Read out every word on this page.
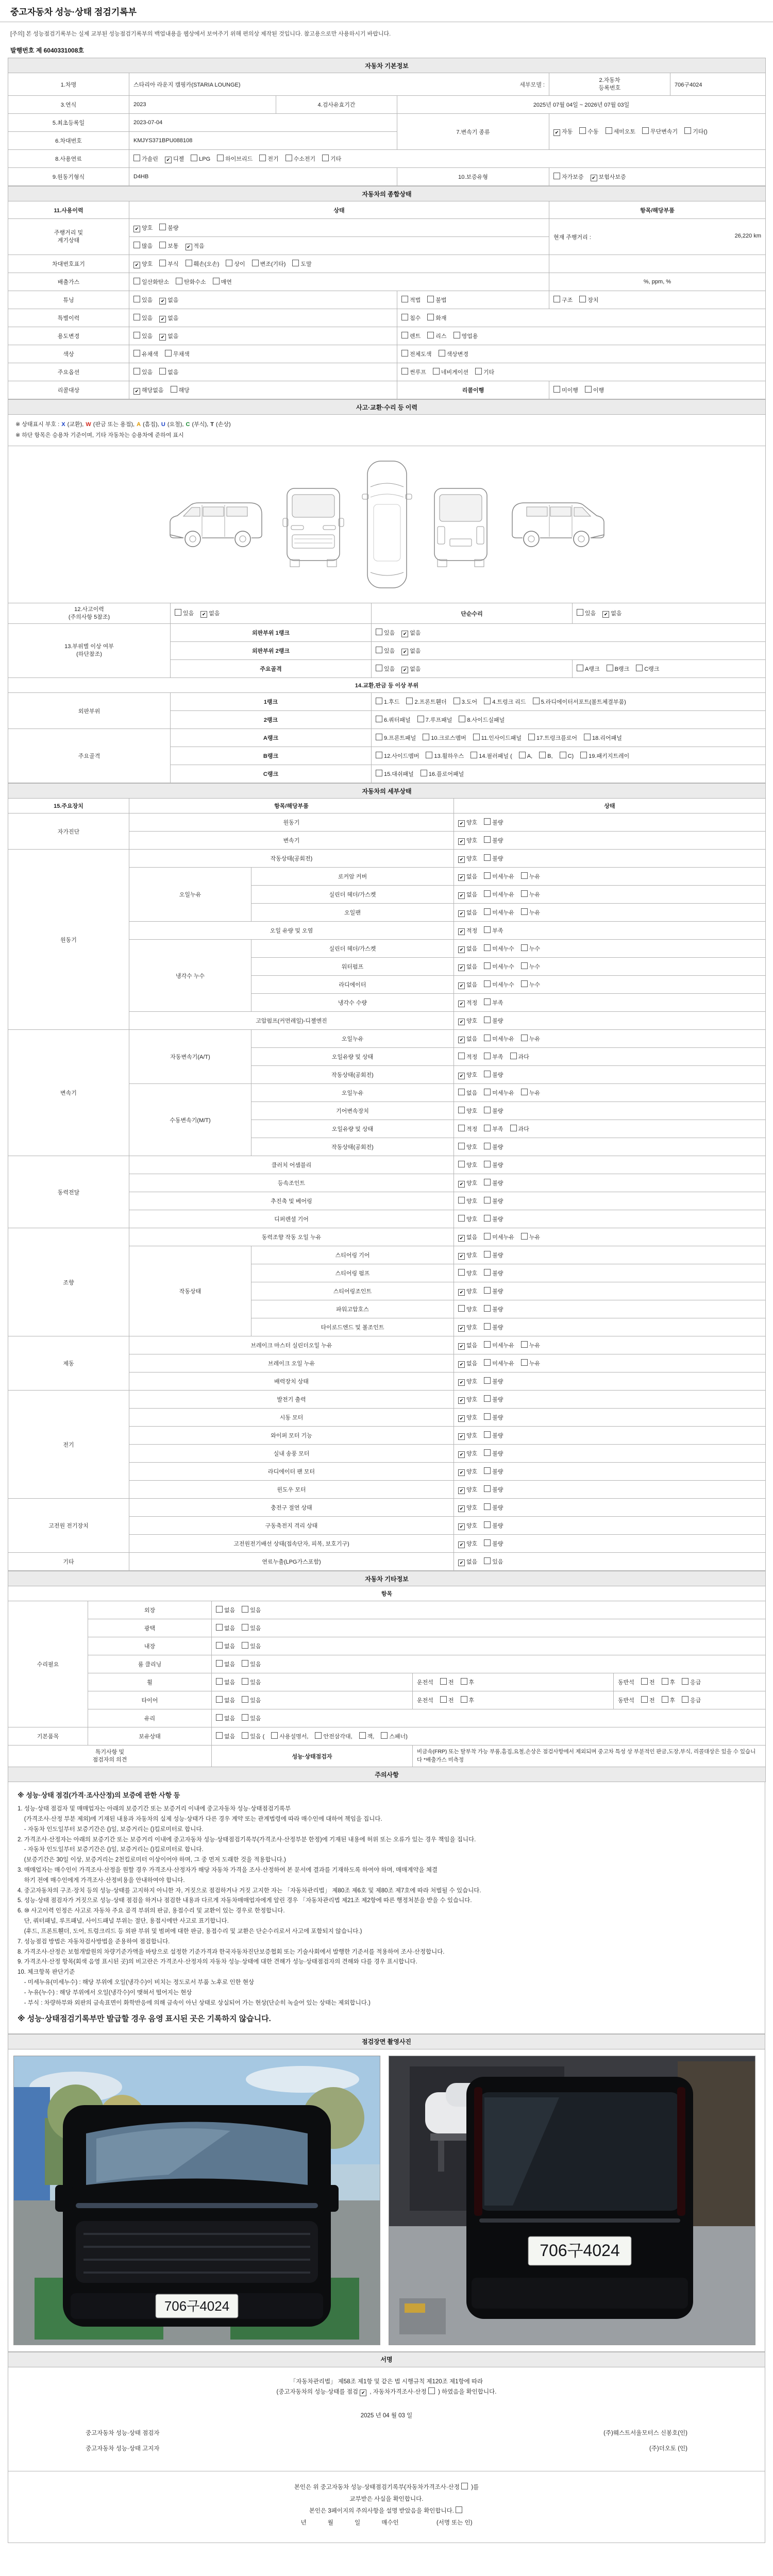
중고자동차 성능·상태 점검기록부
[주의] 본 성능점검기록부는 실제 교부된 성능점검기록부의 백업내용을 웹상에서 보여주기 위해 편의상 제작된 것입니다. 참고용으로만 사용하시기 바랍니다.
발행번호 제 6040331008호
자동차 기본정보					
1.차명	스타리아 라운지 캠핑카(STARIA LOUNGE)	세부모델 :

2.자동차
등록번호	706구4024
3.연식	2023	4.검사유효기간	2025년 07월 04일 ~ 2026년 07월 03일		
5.최초등록일	2023-07-04		7.변속기 종류	✔ 자동 수동 세미오토 무단변속기 기타()	
6.차대번호	KMJYS371BPU088108				
8.사용연료	가솔린 ✔ 디젤 LPG 하이브리드 전기 수소전기 기타				
9.원동기형식	D4HB		10.보증유형	자가보증 ✔ 보험사보증	
자동차의 종합상태			
11.사용이력	상태		항목/해당부품

주행거리 및
계기상태
	✔ 양호	불량	
현재 주행거리 :	26,220 km

	많음 보통 ✔ 적음		
차대번호표기	✔ 양호 부식 훼손(오손) 상이 변조(기타) 도말		
배출가스	일산화탄소 탄화수소 매연		%, ppm, %
튜닝	있음 ✔ 없음	적법 불법	구조 장치
특별이력	있음 ✔ 없음	침수 화재	
용도변경	있음 ✔ 없음	렌트 리스 영업용	
색상	유채색 무채색	전체도색 색상변경	
주요옵션	있음 없음	썬루프 네비게이션 기타	
리콜대상	✔ 해당없음 해당	리콜이행	미이행 이행
사고·교환·수리 등 이력			

※ 상태표시 부호 : X (교환), W (판금 또는 용접), A (흠집), U (요철), C (부식), T (손상)
※ 하단 항목은 승용차 기준이며, 기타 자동차는 승용차에 준하여 표시			

12.사고이력
(주의사항 5참조)	있음 ✔ 없음	단순수리	있음 ✔ 없음

13.부위별 이상 여부
(하단참조)	외판부위 1랭크	있음 ✔ 없음	
	외판부위 2랭크	있음 ✔ 없음	
	주요골격	있음 ✔ 없음	A랭크 B랭크 C랭크
14.교환,판금 등 이상 부위			
외판부위	1랭크	1.후드 2.프론트휀더 3.도어 4.트렁크 리드 5.라디에이터서포트(볼트체결부품)	
	2랭크	6.쿼터패널 7.루프패널 8.사이드실패널	
주요골격	A랭크	9.프론트패널 10.크로스멤버 11.인사이드패널 17.트렁크플로어 18.리어패널	
	B랭크	12.사이드멤버 13.휠하우스 14.필러패널 ( A, B, C) 19.패키지트레이	
	C랭크	15.대쉬패널 16.플로어패널	
자동차의 세부상태			
15.주요장치	항목/해당부품		상태
자가진단	원동기		✔ 양호 불량
	변속기		✔ 양호 불량
원동기	작동상태(공회전)		✔ 양호 불량
	오일누유	로커암 커버	✔ 없음 미세누유 누유
		실린더 헤더/가스켓	✔ 없음 미세누유 누유
		오일팬	✔ 없음 미세누유 누유
	오일 유량 및 오염		✔ 적정 부족
	냉각수 누수	실린더 헤더/가스켓	✔ 없음 미세누수 누수
		워터펌프	✔ 없음 미세누수 누수
		라디에이터	✔ 없음 미세누수 누수
		냉각수 수량	✔ 적정 부족
	고압펌프(커먼레일)-디젤엔진		✔ 양호 불량
변속기	자동변속기(A/T)	오일누유	✔ 없음 미세누유 누유
		오일유량 및 상태	적정 부족 과다
		작동상태(공회전)	✔ 양호 불량
	수동변속기(M/T)	오일누유	없음 미세누유 누유
		기어변속장치	양호 불량
		오일유량 및 상태	적정 부족 과다
		작동상태(공회전)	양호 불량
동력전달	클러치 어셈블리		양호 불량
	등속조인트		✔ 양호 불량
	추진축 및 베어링		양호 불량
	디퍼렌셜 기어		양호 불량
조향	동력조향 작동 오일 누유		✔ 없음 미세누유 누유
	작동상태	스티어링 기어	✔ 양호 불량
		스티어링 펌프	양호 불량
		스티어링조인트	✔ 양호 불량
		파워고압호스	양호 불량
		타이로드엔드 및 볼조인트	✔ 양호 불량
제동	브레이크 마스터 실린더오일 누유		✔ 없음 미세누유 누유
	브레이크 오일 누유		✔ 없음 미세누유 누유
	배력장치 상태		✔ 양호 불량
전기	발전기 출력		✔ 양호 불량
	시동 모터		✔ 양호 불량
	와이퍼 모터 기능		✔ 양호 불량
	실내 송풍 모터		✔ 양호 불량
	라디에이터 팬 모터		✔ 양호 불량
	윈도우 모터		✔ 양호 불량
고전원 전기장치	충전구 절연 상태		✔ 양호 불량
	구동축전지 격리 상태		✔ 양호 불량
	고전원전기배선 상태(접속단자, 피복, 보호기구)		✔ 양호 불량
기타	연료누출(LPG가스포함)		✔ 없음 있음
자동차 기타정보				
항목				
수리필요	외장	없음 있음		
	광택	없음 있음		
	내장	없음 있음		
	룸 클리닝	없음 있음		
	휠	없음 있음	운전석 전 후	동반석 전 후 응급
	타이어	없음 있음	운전석 전 후	동반석 전 후 응급
	유리	없음 있음		
기본품목	보유상태	없음 있음 ( 사용설명서, 안전삼각대, 잭, 스패너)		

특기사항 및
점검자의 의견	성능·상태점검자	
비금속(FRP) 또는 탈부착 가능 부품,흠집,요철,손상은 점검사항에서 제외되며 중고차 특성 상 부분적인 판금,도장,부식, 리콜대상은 있을 수 있습니
다 *배출가스 미측정

주의사항				
※ 성능·상태 점검(가격·조사산정)의 보증에 관한 사항 등
1. 성능·상태 점검자 및 매매업자는 아래의 보증기간 또는 보증거리 이내에 중고자동차 성능·상태점검기록부
(가격조사·산정 부분 제외)에 기재된 내용과 자동차의 실제 성능·상태가 다른 경우 계약 또는 관계법령에 따라 매수인에 대하여 책임을 집니다.
- 자동차 인도일부터 보증기간은 ()일, 보증거리는 ()킬로미터로 합니다.
2. 가격조사·산정자는 아래의 보증기간 또는 보증거리 이내에 중고자동차 성능·상태점검기록부(가격조사·산정부분 한정)에 기재된 내용에 허위 또는 오류가 있는 경우 책임을 집니다.
- 자동차 인도일부터 보증기간은 ()일, 보증거리는 ()킬로미터로 합니다.
(보증기간은 30일 이상, 보증거리는 2천킬로미터 이상이어야 하며, 그 중 먼저 도래한 것을 적용합니다.)
3. 매매업자는 매수인이 가격조사·산정을 원할 경우 가격조사·산정자가 해당 자동차 가격을 조사·산정하여 본 문서에 결과를 기재하도록 하여야 하며, 매매계약을 체결
하기 전에 매수인에게 가격조사·산정비용을 안내하여야 합니다.
4. 중고자동차의 구조·장치 등의 성능·상태를 고지하지 아니한 자, 거짓으로 점검하거나 거짓 고지한 자는 「자동차관리법」 제80조 제6호 및 제80조 제7호에 따라 처벌될 수 있습니다.
5. 성능·상태 점검자가 거짓으로 성능·상태 점검을 하거나 점검한 내용과 다르게 자동차매매업자에게 알린 경우 「자동차관리법 제21조 제2항에 따른 행정처분을 받을 수 있습니다.
6. ⑩ 사고이력 인정은 사고로 자동차 주요 골격 부위의 판금, 용접수리 및 교환이 있는 경우로 한정합니다.
단, 쿼터패널, 루프패널, 사이드패널 부위는 절단, 용접시에만 사고로 표기합니다.
(후드, 프론트휀더, 도어, 트렁크리드 등 외판 부위 및 범퍼에 대한 판금, 용접수리 및 교환은 단순수리로서 사고에 포함되지 않습니다.)
7. 성능점검 방법은 자동차검사방법을 준용하여 점검합니다.
8. 가격조사·산정은 보험개발원의 차량기준가액을 바탕으로 설정한 기준가격과 한국자동차진단보증협회 또는 기술사회에서 발행한 기준서를 적용하여 조사·산정합니다.
9. 가격조사·산정 항목(회색 음영 표시된 곳)의 비고란은 가격조사·산정자의 자동차 성능·상태에 대한 견해가 성능·상태점검자의 견해와 다를 경우 표시합니다.
10. 체크항목 판단기준
- 미세누유(미세누수) : 해당 부위에 오일(냉각수)이 비치는 정도로서 부품 노후로 인한 현상
- 누유(누수) : 해당 부위에서 오일(냉각수)이 맺혀서 떨어지는 현상
- 부식 : 차량하부와 외판의 금속표면이 화학반응에 의해 금속이 아닌 상태로 상실되어 가는 현상(단순히 녹슬어 있는 상태는 제외합니다.)
※ 성능·상태점검기록부만 발급할 경우 음영 표시된 곳은 기록하지 않습니다.
점검장면 촬영사진
706구4024
706구4024
서명
「자동차관리법」 제58조 제1항 및 같은 법 시행규칙 제120조 제1항에 따라
(중고자동차의 성능·상태를 점검 ✔ , 자동차가격조사·산정 ) 하였음을 확인합니다.
2025 년 04 월 03 일
중고자동차 성능·상태 점검자	(주)웨스트서울모터스 신봉호(인)
중고자동차 성능·상태 고지자	(주)더오토 (인)
본인은 위 중고자동차 성능·상태점검기록부(자동차가격조사·산정 )를
교부받은 사실을 확인합니다.
본인은 3페이지의 주의사항을 설명 받았음을 확인합니다.
년	월	일	매수인	(서명 또는 인)
